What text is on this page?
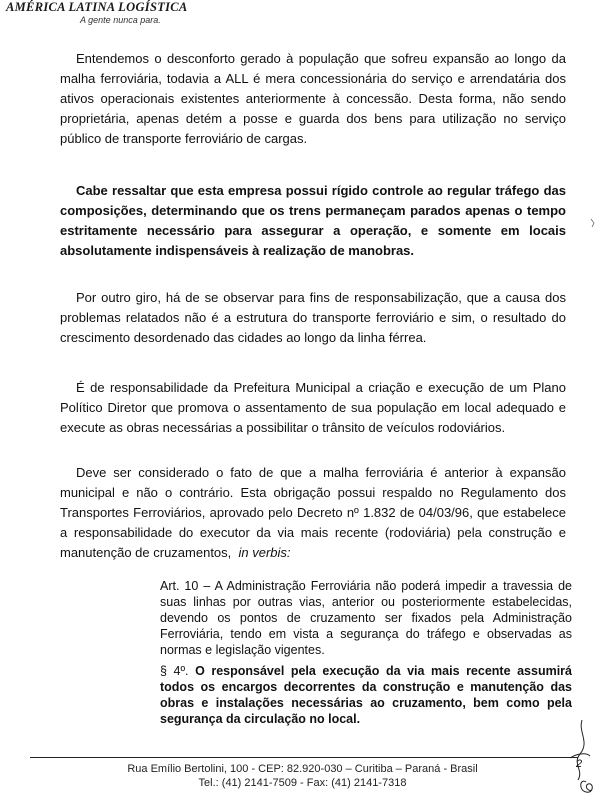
AMÉRICA LATINA LOGÍSTICA
A gente nunca para.

Entendemos o desconforto gerado à população que sofreu expansão ao longo da malha ferroviária, todavia a ALL é mera concessionária do serviço e arrendatária dos ativos operacionais existentes anteriormente à concessão. Desta forma, não sendo proprietária, apenas detém a posse e guarda dos bens para utilização no serviço público de transporte ferroviário de cargas.

Cabe ressaltar que esta empresa possui rígido controle ao regular tráfego das composições, determinando que os trens permaneçam parados apenas o tempo estritamente necessário para assegurar a operação, e somente em locais absolutamente indispensáveis à realização de manobras.

Por outro giro, há de se observar para fins de responsabilização, que a causa dos problemas relatados não é a estrutura do transporte ferroviário e sim, o resultado do crescimento desordenado das cidades ao longo da linha férrea.

É de responsabilidade da Prefeitura Municipal a criação e execução de um Plano Político Diretor que promova o assentamento de sua população em local adequado e execute as obras necessárias a possibilitar o trânsito de veículos rodoviários.

Deve ser considerado o fato de que a malha ferroviária é anterior à expansão municipal e não o contrário. Esta obrigação possui respaldo no Regulamento dos Transportes Ferroviários, aprovado pelo Decreto nº 1.832 de 04/03/96, que estabelece a responsabilidade do executor da via mais recente (rodoviária) pela construção e manutenção de cruzamentos, in verbis:

Art. 10 – A Administração Ferroviária não poderá impedir a travessia de suas linhas por outras vias, anterior ou posteriormente estabelecidas, devendo os pontos de cruzamento ser fixados pela Administração Ferroviária, tendo em vista a segurança do tráfego e observadas as normas e legislação vigentes.

§ 4º. O responsável pela execução da via mais recente assumirá todos os encargos decorrentes da construção e manutenção das obras e instalações necessárias ao cruzamento, bem como pela segurança da circulação no local.

2
Rua Emílio Bertolini, 100 - CEP: 82.920-030 – Curitiba – Paraná - Brasil
Tel.: (41) 2141-7509 - Fax: (41) 2141-7318
